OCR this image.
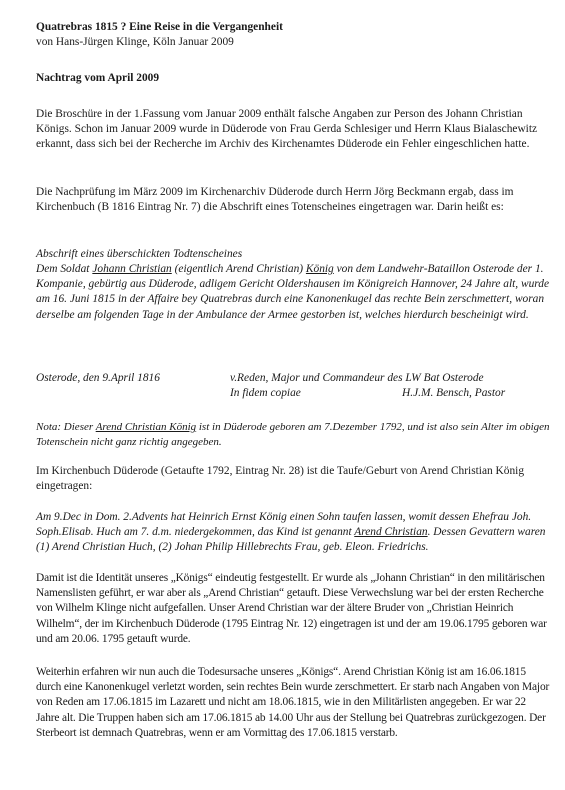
Quatrebras 1815 ? Eine Reise in die Vergangenheit
von Hans-Jürgen Klinge, Köln Januar 2009
Nachtrag vom April 2009

Die Broschüre in der 1.Fassung vom Januar 2009 enthält falsche Angaben zur Person des Johann Christian Königs. Schon im Januar 2009 wurde in Düderode von Frau Gerda Schlesiger und Herrn Klaus Bialaschewitz erkannt, dass sich bei der Recherche im Archiv des Kirchenamtes Düderode ein Fehler eingeschlichen hatte.

Die Nachprüfung im März 2009 im Kirchenarchiv Düderode durch Herrn Jörg Beckmann ergab, dass im Kirchenbuch (B 1816 Eintrag Nr. 7) die Abschrift eines Totenscheines eingetragen war. Darin heißt es:

Abschrift eines überschickten Todtenscheines

Dem Soldat Johann Christian (eigentlich Arend Christian) König von dem Landwehr-Bataillon Osterode der 1. Kompanie, gebürtig aus Düderode, adligem Gericht Oldershausen im Königreich Hannover, 24 Jahre alt, wurde am 16. Juni 1815 in der Affaire bey Quatrebras durch eine Kanonenkugel das rechte Bein zerschmettert, woran derselbe am folgenden Tage in der Ambulance der Armee gestorben ist, welches hierdurch bescheinigt wird.

Osterode, den 9.April 1816	v.Reden, Major und Commandeur des LW Bat Osterode
In fidem copiae	H.J.M. Bensch, Pastor

Nota: Dieser Arend Christian König ist in Düderode geboren am 7.Dezember 1792, und ist also sein Alter im obigen Totenschein nicht ganz richtig angegeben.

Im Kirchenbuch Düderode (Getaufte 1792, Eintrag Nr. 28) ist die Taufe/Geburt von Arend Christian König eingetragen:

Am 9.Dec in Dom. 2.Advents hat Heinrich Ernst König einen Sohn taufen lassen, womit dessen Ehefrau Joh. Soph.Elisab. Huch am 7. d.m. niedergekommen, das Kind ist genannt Arend Christian. Dessen Gevattern waren (1) Arend Christian Huch, (2) Johan Philip Hillebrechts Frau, geb. Eleon. Friedrichs.

Damit ist die Identität unseres „Königs“ eindeutig festgestellt. Er wurde als „Johann Christian“ in den militärischen Namenslisten geführt, er war aber als „Arend Christian“ getauft. Diese Verwechslung war bei der ersten Recherche von Wilhelm Klinge nicht aufgefallen. Unser Arend Christian war der ältere Bruder von „Christian Heinrich Wilhelm“, der im Kirchenbuch Düderode (1795 Eintrag Nr. 12) eingetragen ist und der am 19.06.1795 geboren war und am 20.06. 1795 getauft wurde.

Weiterhin erfahren wir nun auch die Todesursache unseres „Königs“. Arend Christian König ist am 16.06.1815 durch eine Kanonenkugel verletzt worden, sein rechtes Bein wurde zerschmettert. Er starb nach Angaben von Major von Reden am 17.06.1815 im Lazarett und nicht am 18.06.1815, wie in den Militärlisten angegeben. Er war 22 Jahre alt. Die Truppen haben sich am 17.06.1815 ab 14.00 Uhr aus der Stellung bei Quatrebras zurückgezogen. Der Sterbeort ist demnach Quatrebras, wenn er am Vormittag des 17.06.1815 verstarb.
